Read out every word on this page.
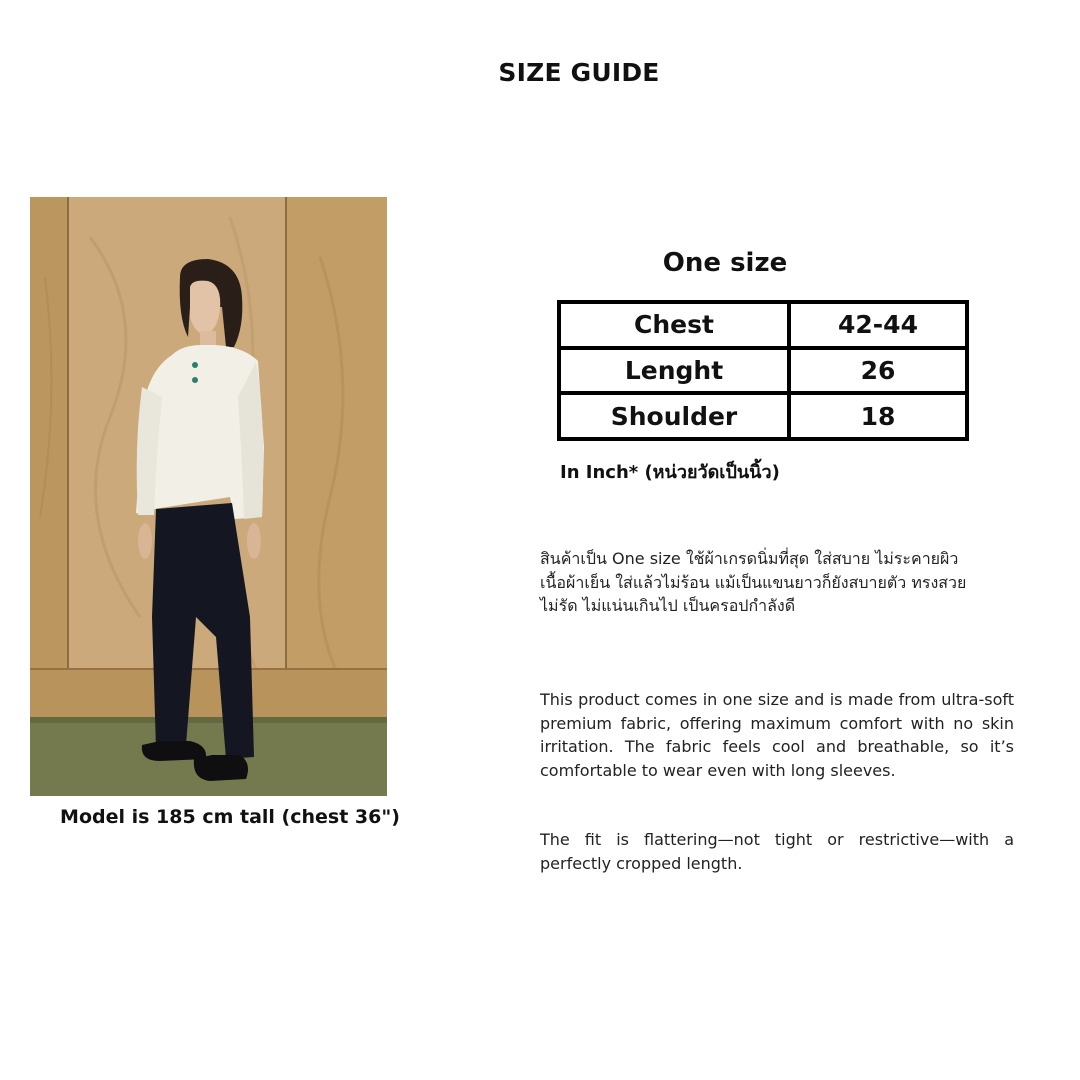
SIZE GUIDE
Model is 185 cm tall (chest 36")
One size
Chest	42-44
Lenght	26
Shoulder	18
In Inch* (หน่วยวัดเป็นนิ้ว)
สินค้าเป็น One size ใช้ผ้าเกรดนิ่มที่สุด ใส่สบาย ไม่ระคายผิว
เนื้อผ้าเย็น ใส่แล้วไม่ร้อน แม้เป็นแขนยาวก็ยังสบายตัว ทรงสวย
ไม่รัด ไม่แน่นเกินไป เป็นครอปกำลังดี
This product comes in one size and is made from ultra-soft premium fabric, offering maximum comfort with no skin irritation. The fabric feels cool and breathable, so it’s comfortable to wear even with long sleeves.
The fit is flattering—not tight or restrictive—with a perfectly cropped length.
